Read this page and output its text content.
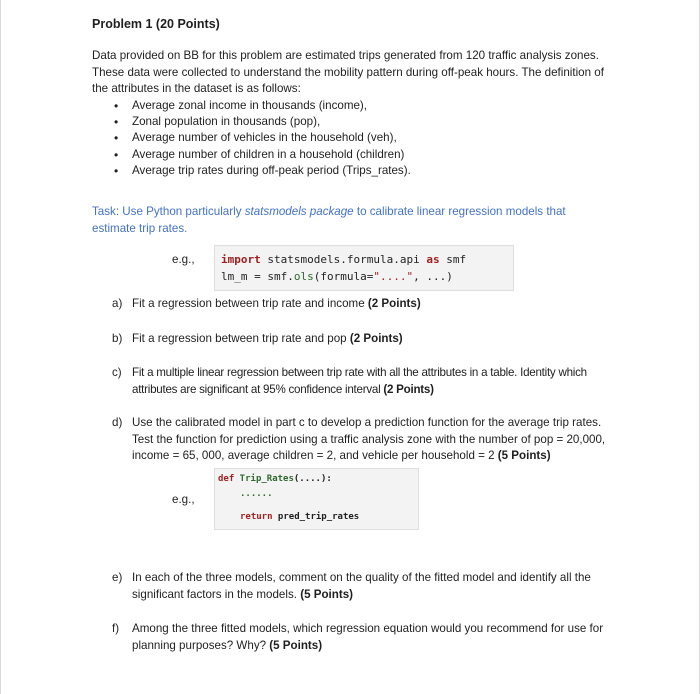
Problem 1 (20 Points)

Data provided on BB for this problem are estimated trips generated from 120 traffic analysis zones. These data were collected to understand the mobility pattern during off-peak hours. The definition of the attributes in the dataset is as follows:

• Average zonal income in thousands (income),
• Zonal population in thousands (pop),
• Average number of vehicles in the household (veh),
• Average number of children in a household (children)
• Average trip rates during off-peak period (Trips_rates).

Task: Use Python particularly statsmodels package to calibrate linear regression models that estimate trip rates.

e.g., import statsmodels.formula.api as smf
lm_m = smf.ols(formula="....", ...)
a) Fit a regression between trip rate and income (2 Points)
b) Fit a regression between trip rate and pop (2 Points)
c) Fit a multiple linear regression between trip rate with all the attributes in a table. Identity which attributes are significant at 95% confidence interval (2 Points)
d) Use the calibrated model in part c to develop a prediction function for the average trip rates. Test the function for prediction using a traffic analysis zone with the number of pop = 20,000, income = 65, 000, average children = 2, and vehicle per household = 2 (5 Points)
e.g.,
def Trip_Rates(....):
......
return pred_trip_rates
e) In each of the three models, comment on the quality of the fitted model and identify all the significant factors in the models. (5 Points)
f) Among the three fitted models, which regression equation would you recommend for use for planning purposes? Why? (5 Points)
